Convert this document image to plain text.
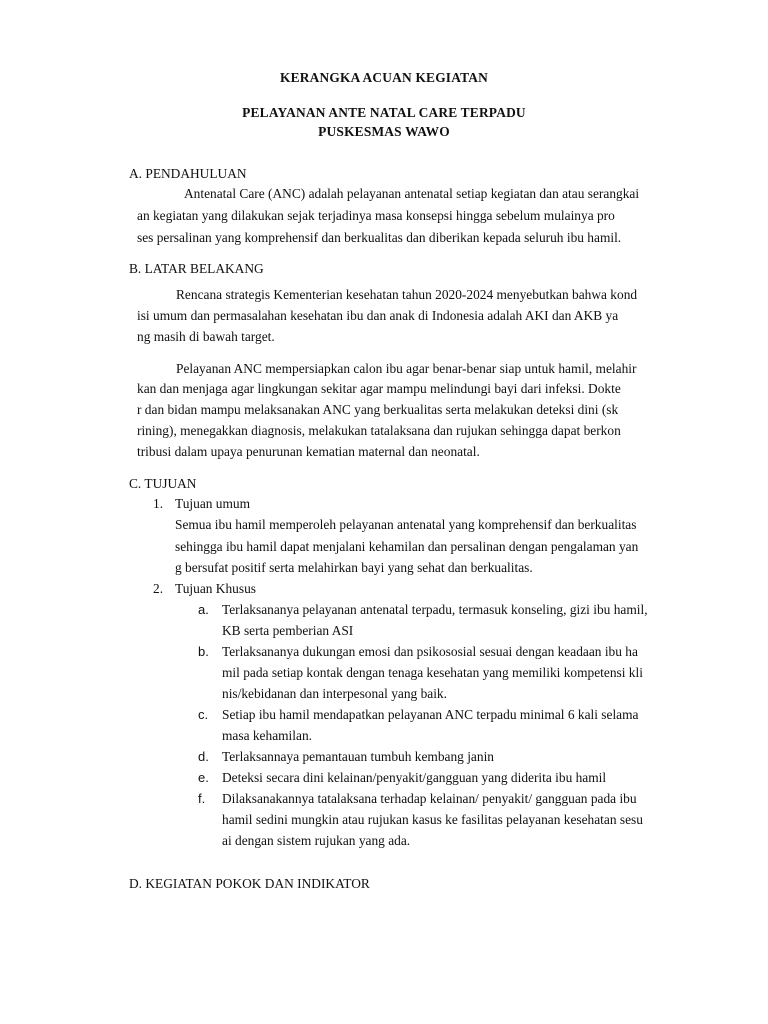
KERANGKA ACUAN KEGIATAN
PELAYANAN ANTE NATAL CARE TERPADU
PUSKESMAS WAWO
A. PENDAHULUAN
Antenatal Care (ANC) adalah pelayanan antenatal setiap kegiatan dan atau serangkai
an kegiatan yang dilakukan sejak terjadinya masa konsepsi hingga sebelum mulainya pro
ses persalinan yang komprehensif dan berkualitas dan diberikan kepada seluruh ibu hamil.
B. LATAR BELAKANG
Rencana strategis Kementerian kesehatan tahun 2020-2024 menyebutkan bahwa kond
isi umum dan permasalahan kesehatan ibu dan anak di Indonesia adalah AKI dan AKB ya
ng masih di bawah target.
Pelayanan ANC mempersiapkan calon ibu agar benar-benar siap untuk hamil, melahir
kan dan menjaga agar lingkungan sekitar agar mampu melindungi bayi dari infeksi. Dokte
r dan bidan mampu melaksanakan ANC yang berkualitas serta melakukan deteksi dini (sk
rining), menegakkan diagnosis, melakukan tatalaksana dan rujukan sehingga dapat berkon
tribusi dalam upaya penurunan kematian maternal dan neonatal.
C. TUJUAN
1. Tujuan umum
Semua ibu hamil memperoleh pelayanan antenatal yang komprehensif dan berkualitas
sehingga ibu hamil dapat menjalani kehamilan dan persalinan dengan pengalaman yan
g bersufat positif serta melahirkan bayi yang sehat dan berkualitas.
2. Tujuan Khusus
a. Terlaksananya pelayanan antenatal terpadu, termasuk konseling, gizi ibu hamil,
KB serta pemberian ASI
b. Terlaksananya dukungan emosi dan psikososial sesuai dengan keadaan ibu ha
mil pada setiap kontak dengan tenaga kesehatan yang memiliki kompetensi kli
nis/kebidanan dan interpesonal yang baik.
c. Setiap ibu hamil mendapatkan pelayanan ANC terpadu minimal 6 kali selama
masa kehamilan.
d. Terlaksannaya pemantauan tumbuh kembang janin
e. Deteksi secara dini kelainan/penyakit/gangguan yang diderita ibu hamil
f. Dilaksanakannya tatalaksana terhadap kelainan/ penyakit/ gangguan pada ibu
hamil sedini mungkin atau rujukan kasus ke fasilitas pelayanan kesehatan sesu
ai dengan sistem rujukan yang ada.
D. KEGIATAN POKOK DAN INDIKATOR
